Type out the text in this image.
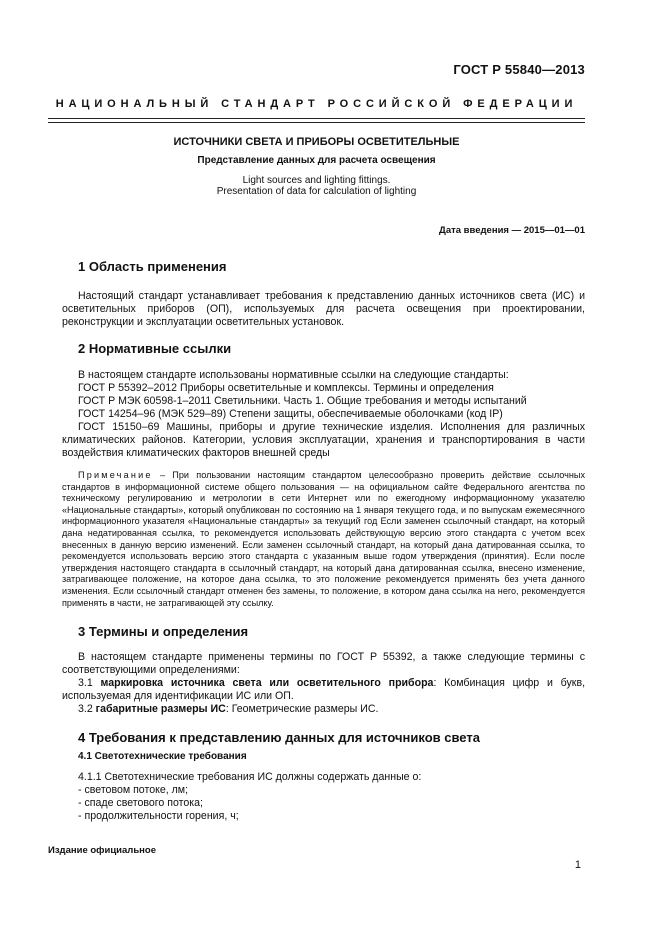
ГОСТ Р 55840—2013
НАЦИОНАЛЬНЫЙ СТАНДАРТ РОССИЙСКОЙ ФЕДЕРАЦИИ
ИСТОЧНИКИ СВЕТА И ПРИБОРЫ ОСВЕТИТЕЛЬНЫЕ
Представление данных для расчета освещения
Light sources and lighting fittings.
Presentation of data for calculation of lighting
Дата введения — 2015—01—01
1 Область применения

Настоящий стандарт устанавливает требования к представлению данных источников света (ИС) и осветительных приборов (ОП), используемых для расчета освещения при проектировании, реконструкции и эксплуатации осветительных установок.

2 Нормативные ссылки

В настоящем стандарте использованы нормативные ссылки на следующие стандарты:

ГОСТ Р 55392–2012 Приборы осветительные и комплексы. Термины и определения

ГОСТ Р МЭК 60598-1–2011 Светильники. Часть 1. Общие требования и методы испытаний

ГОСТ 14254–96 (МЭК 529–89) Степени защиты, обеспечиваемые оболочками (код IP)

ГОСТ 15150–69 Машины, приборы и другие технические изделия. Исполнения для различных климатических районов. Категории, условия эксплуатации, хранения и транспортирования в части воздействия климатических факторов внешней среды

Примечание – При пользовании настоящим стандартом целесообразно проверить действие ссылочных стандартов в информационной системе общего пользования — на официальном сайте Федерального агентства по техническому регулированию и метрологии в сети Интернет или по ежегодному информационному указателю «Национальные стандарты», который опубликован по состоянию на 1 января текущего года, и по выпускам ежемесячного информационного указателя «Национальные стандарты» за текущий год Если заменен ссылочный стандарт, на который дана недатированная ссылка, то рекомендуется использовать действующую версию этого стандарта с учетом всех внесенных в данную версию изменений. Если заменен ссылочный стандарт, на который дана датированная ссылка, то рекомендуется использовать версию этого стандарта с указанным выше годом утверждения (принятия). Если после утверждения настоящего стандарта в ссылочный стандарт, на который дана датированная ссылка, внесено изменение, затрагивающее положение, на которое дана ссылка, то это положение рекомендуется применять без учета данного изменения. Если ссылочный стандарт отменен без замены, то положение, в котором дана ссылка на него, рекомендуется применять в части, не затрагивающей эту ссылку.

3 Термины и определения

В настоящем стандарте применены термины по ГОСТ Р 55392, а также следующие термины с соответствующими определениями:

3.1 маркировка источника света или осветительного прибора: Комбинация цифр и букв, используемая для идентификации ИС или ОП.

3.2 габаритные размеры ИС: Геометрические размеры ИС.

4 Требования к представлению данных для источников света
4.1 Светотехнические требования

4.1.1 Светотехнические требования ИС должны содержать данные о:

- световом потоке, лм;

- спаде светового потока;

- продолжительности горения, ч;

Издание официальное
1
